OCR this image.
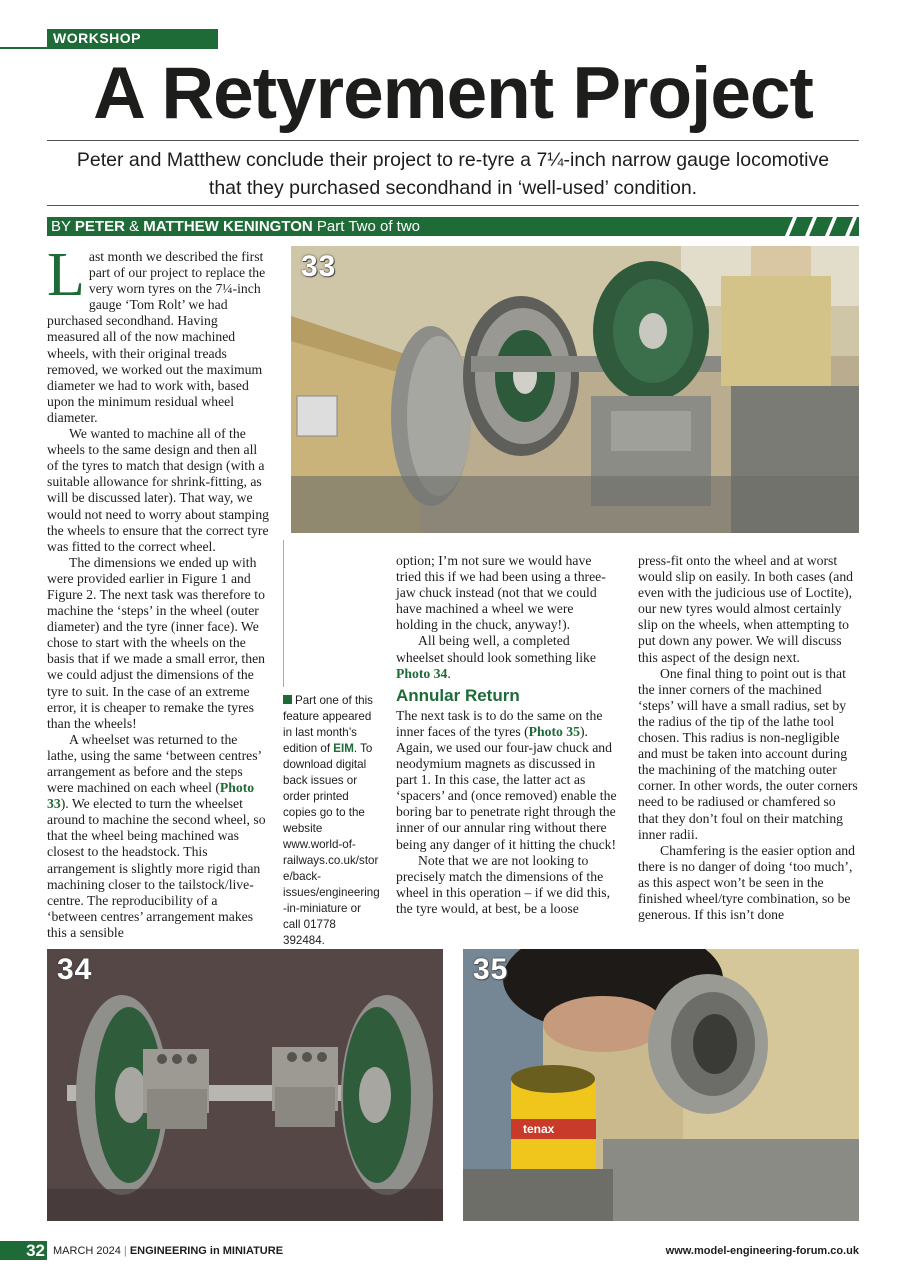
WORKSHOP
A Retyrement Project
Peter and Matthew conclude their project to re-tyre a 7¼-inch narrow gauge locomotive
that they purchased secondhand in ‘well-used’ condition.
BY PETER & MATTHEW KENINGTON Part Two of two

Last month we described the first part of our project to replace the very worn tyres on the 7¼-inch gauge ‘Tom Rolt’ we had purchased secondhand. Having measured all of the now machined wheels, with their original treads removed, we worked out the maximum diameter we had to work with, based upon the minimum residual wheel diameter.

We wanted to machine all of the wheels to the same design and then all of the tyres to match that design (with a suitable allowance for shrink-fitting, as will be discussed later). That way, we would not need to worry about stamping the wheels to ensure that the correct tyre was fitted to the correct wheel.

The dimensions we ended up with were provided earlier in Figure 1 and Figure 2. The next task was therefore to machine the ‘steps’ in the wheel (outer diameter) and the tyre (inner face). We chose to start with the wheels on the basis that if we made a small error, then we could adjust the dimensions of the tyre to suit. In the case of an extreme error, it is cheaper to remake the tyres than the wheels!

A wheelset was returned to the lathe, using the same ‘between centres’ arrangement as before and the steps were machined on each wheel (Photo 33). We elected to turn the wheelset around to machine the second wheel, so that the wheel being machined was closest to the headstock. This arrangement is slightly more rigid than machining closer to the tailstock/live-centre. The reproducibility of a ‘between centres’ arrangement makes this a sensible

Part one of this feature appeared in last month’s edition of EIM. To download digital back issues or order printed copies go to the website www.world-of-railways.co.uk/store/back-issues/engineering-in-miniature or call 01778 392484.

option; I’m not sure we would have tried this if we had been using a three-jaw chuck instead (not that we could have machined a wheel we were holding in the chuck, anyway!).

All being well, a completed wheelset should look something like Photo 34.

Annular Return

The next task is to do the same on the inner faces of the tyres (Photo 35). Again, we used our four-jaw chuck and neodymium magnets as discussed in part 1. In this case, the latter act as ‘spacers’ and (once removed) enable the boring bar to penetrate right through the inner of our annular ring without there being any danger of it hitting the chuck!

Note that we are not looking to precisely match the dimensions of the wheel in this operation – if we did this, the tyre would, at best, be a loose

press-fit onto the wheel and at worst would slip on easily. In both cases (and even with the judicious use of Loctite), our new tyres would almost certainly slip on the wheels, when attempting to put down any power. We will discuss this aspect of the design next.

One final thing to point out is that the inner corners of the machined ‘steps’ will have a small radius, set by the radius of the tip of the lathe tool chosen. This radius is non-negligible and must be taken into account during the machining of the matching outer corner. In other words, the outer corners need to be radiused or chamfered so that they don’t foul on their matching inner radii.

Chamfering is the easier option and there is no danger of doing ‘too much’, as this aspect won’t be seen in the finished wheel/tyre combination, so be generous. If this isn’t done

33
34
tenax
35
32 MARCH 2024 | ENGINEERING in MINIATURE	www.model-engineering-forum.co.uk
